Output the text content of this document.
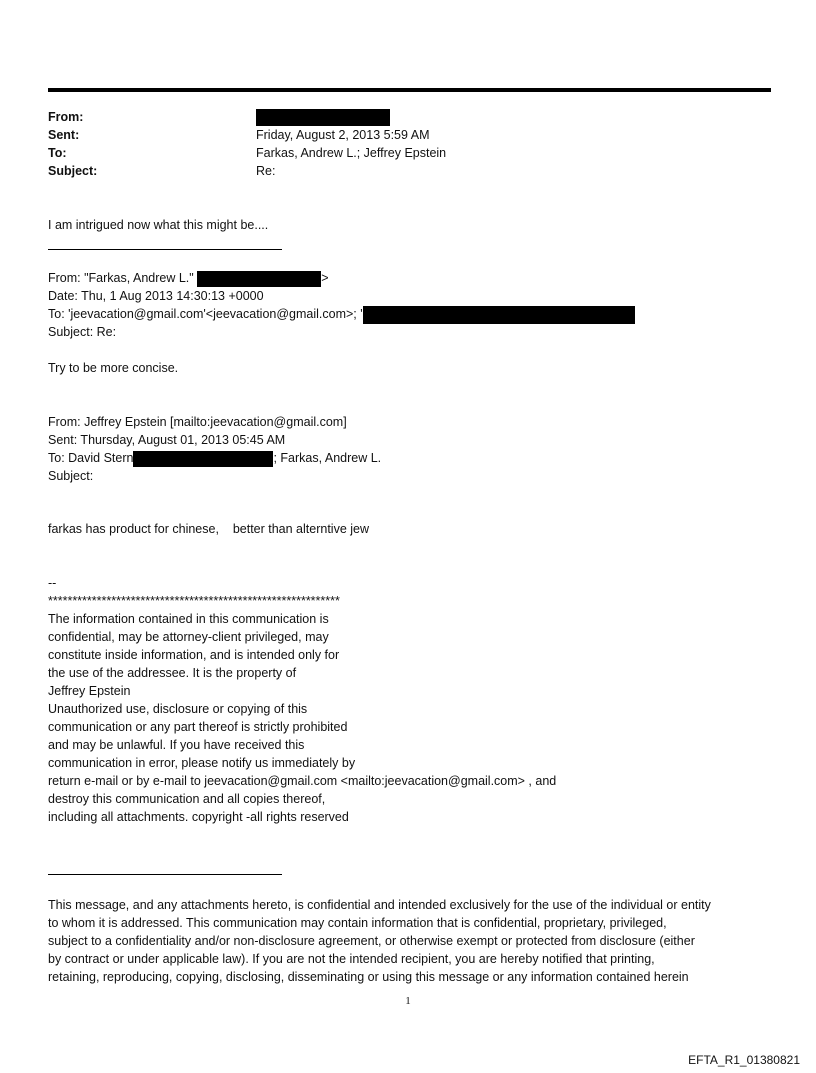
From:
Sent:	Friday, August 2, 2013 5:59 AM
To:	Farkas, Andrew L.; Jeffrey Epstein
Subject:	Re:
I am intrigued now what this might be....
From: "Farkas, Andrew L."	>
Date: Thu, 1 Aug 2013 14:30:13 +0000
To: 'jeevacation@gmail.com'<jeevacation@gmail.com>; '
Subject: Re:
Try to be more concise.
From: Jeffrey Epstein [mailto:jeevacation@gmail.com]
Sent: Thursday, August 01, 2013 05:45 AM
To: David Stern	; Farkas, Andrew L.
Subject:
farkas has product for chinese,    better than alterntive jew
--
************************************************************
The information contained in this communication is
confidential, may be attorney-client privileged, may
constitute inside information, and is intended only for
the use of the addressee. It is the property of
Jeffrey Epstein
Unauthorized use, disclosure or copying of this
communication or any part thereof is strictly prohibited
and may be unlawful. If you have received this
communication in error, please notify us immediately by
return e-mail or by e-mail to jeevacation@gmail.com <mailto:jeevacation@gmail.com> , and
destroy this communication and all copies thereof,
including all attachments. copyright -all rights reserved
This message, and any attachments hereto, is confidential and intended exclusively for the use of the individual or entity
to whom it is addressed. This communication may contain information that is confidential, proprietary, privileged,
subject to a confidentiality and/or non-disclosure agreement, or otherwise exempt or protected from disclosure (either
by contract or under applicable law). If you are not the intended recipient, you are hereby notified that printing,
retaining, reproducing, copying, disclosing, disseminating or using this message or any information contained herein
1
EFTA_R1_01380821
